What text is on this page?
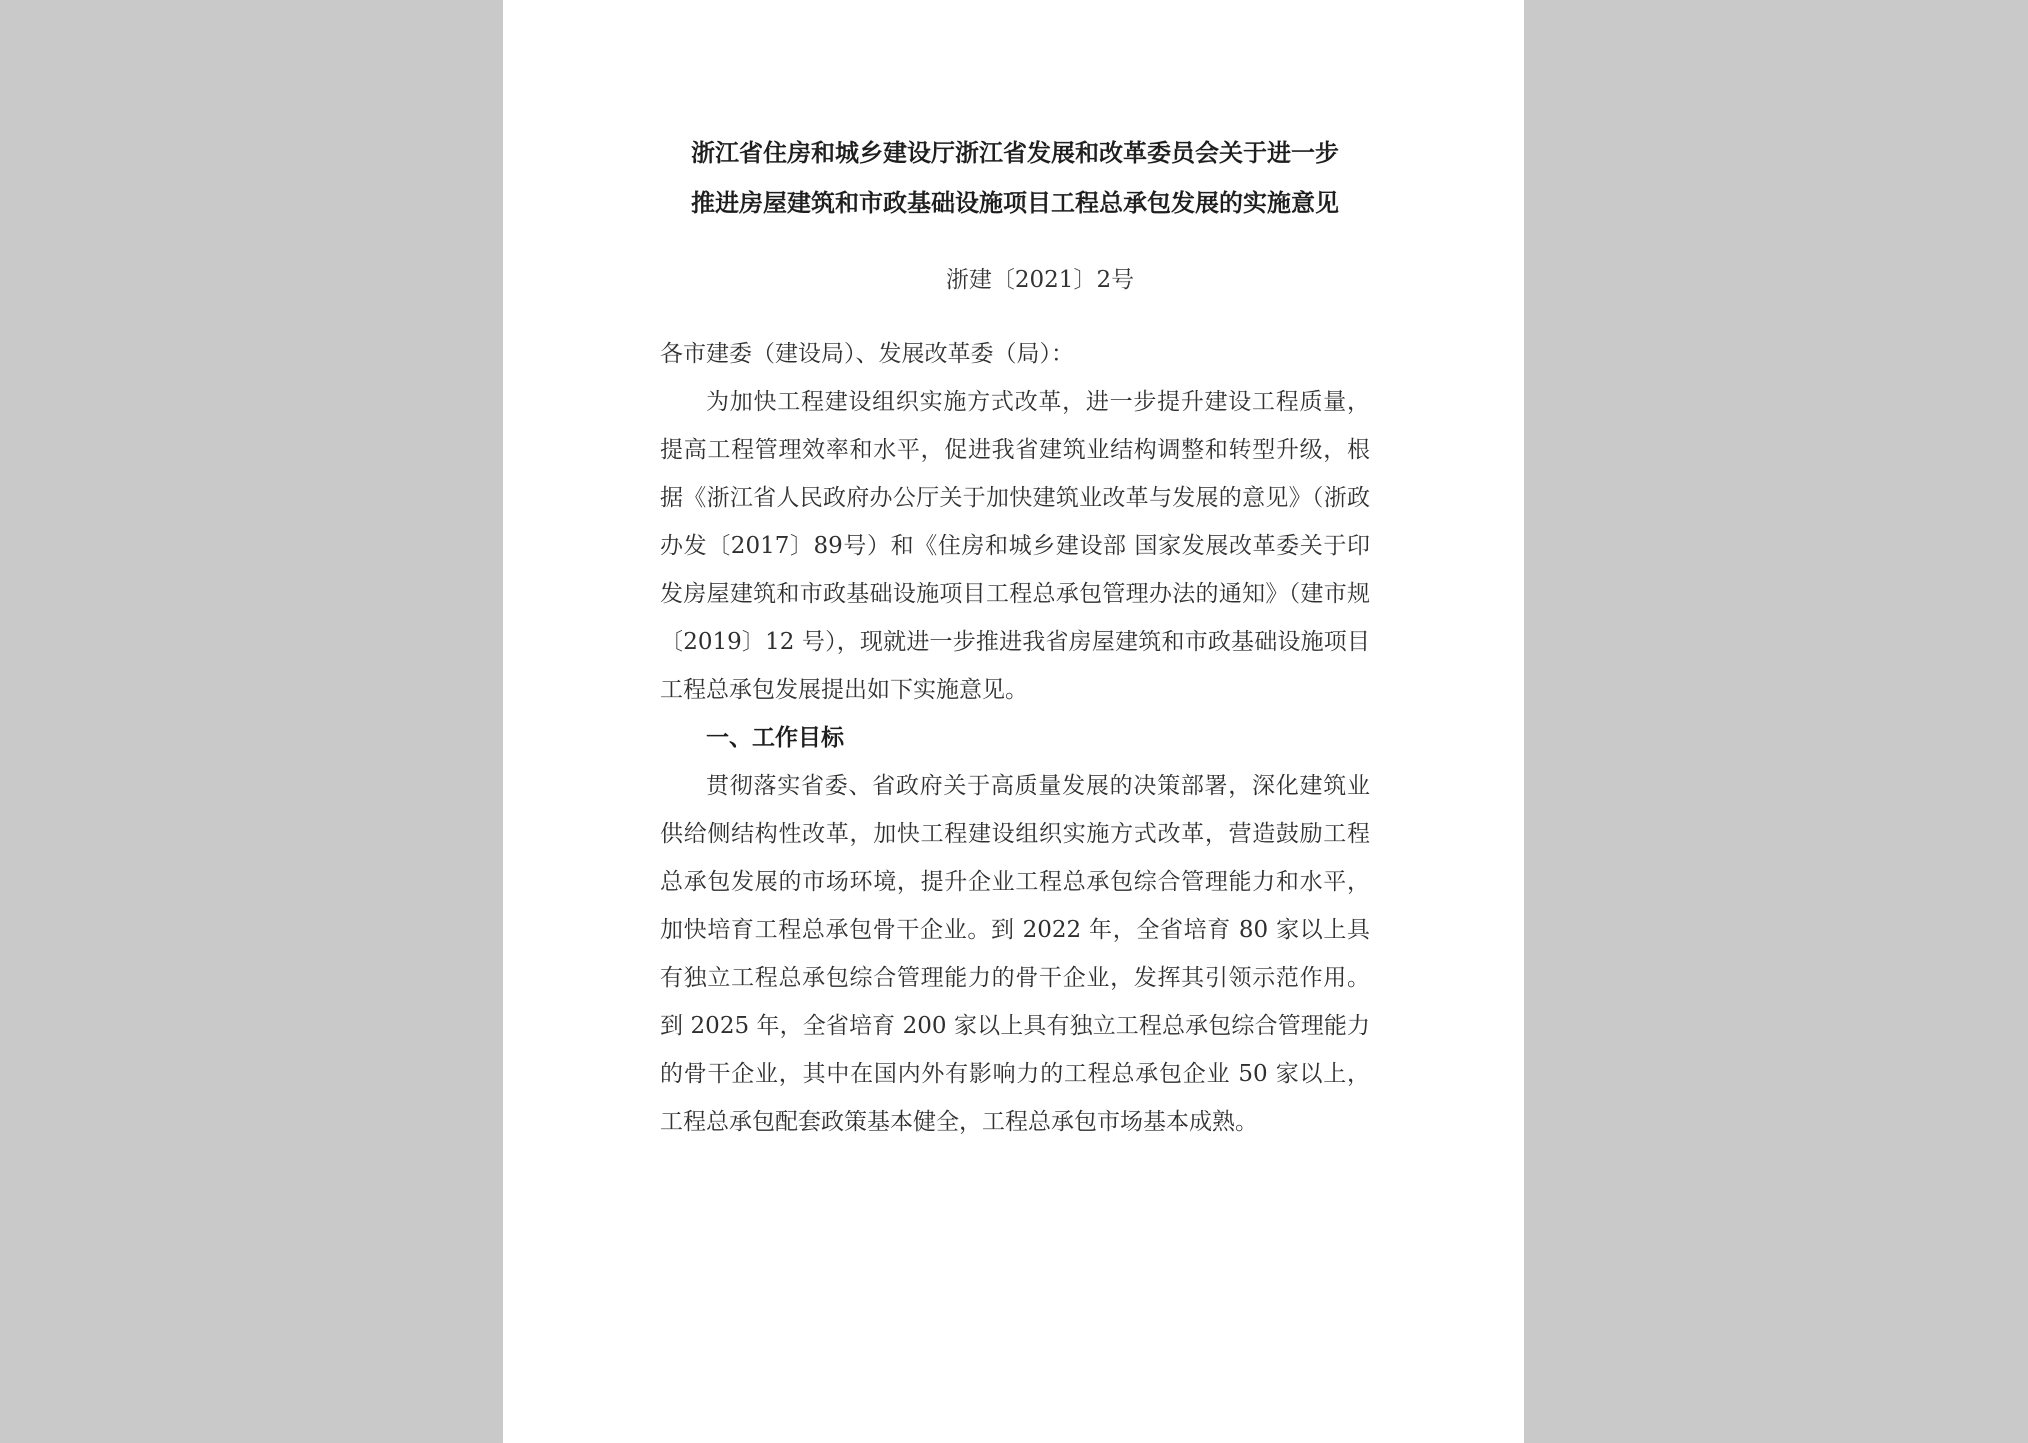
浙江省住房和城乡建设厅浙江省发展和改革委员会关于进一步
推进房屋建筑和市政基础设施项目工程总承包发展的实施意见
浙建〔2021〕2号
各市建委（建设局）、发展改革委（局）：

为加快工程建设组织实施方式改革，进一步提升建设工程质量，提高工程管理效率和水平，促进我省建筑业结构调整和转型升级，根据《浙江省人民政府办公厅关于加快建筑业改革与发展的意见》（浙政办发〔2017〕89号）和《住房和城乡建设部 国家发展改革委关于印发房屋建筑和市政基础设施项目工程总承包管理办法的通知》（建市规〔2019〕12 号），现就进一步推进我省房屋建筑和市政基础设施项目工程总承包发展提出如下实施意见。

一、工作目标

贯彻落实省委、省政府关于高质量发展的决策部署，深化建筑业供给侧结构性改革，加快工程建设组织实施方式改革，营造鼓励工程总承包发展的市场环境，提升企业工程总承包综合管理能力和水平，加快培育工程总承包骨干企业。到 2022 年，全省培育 80 家以上具有独立工程总承包综合管理能力的骨干企业，发挥其引领示范作用。到 2025 年，全省培育 200 家以上具有独立工程总承包综合管理能力的骨干企业，其中在国内外有影响力的工程总承包企业 50 家以上，工程总承包配套政策基本健全，工程总承包市场基本成熟。
